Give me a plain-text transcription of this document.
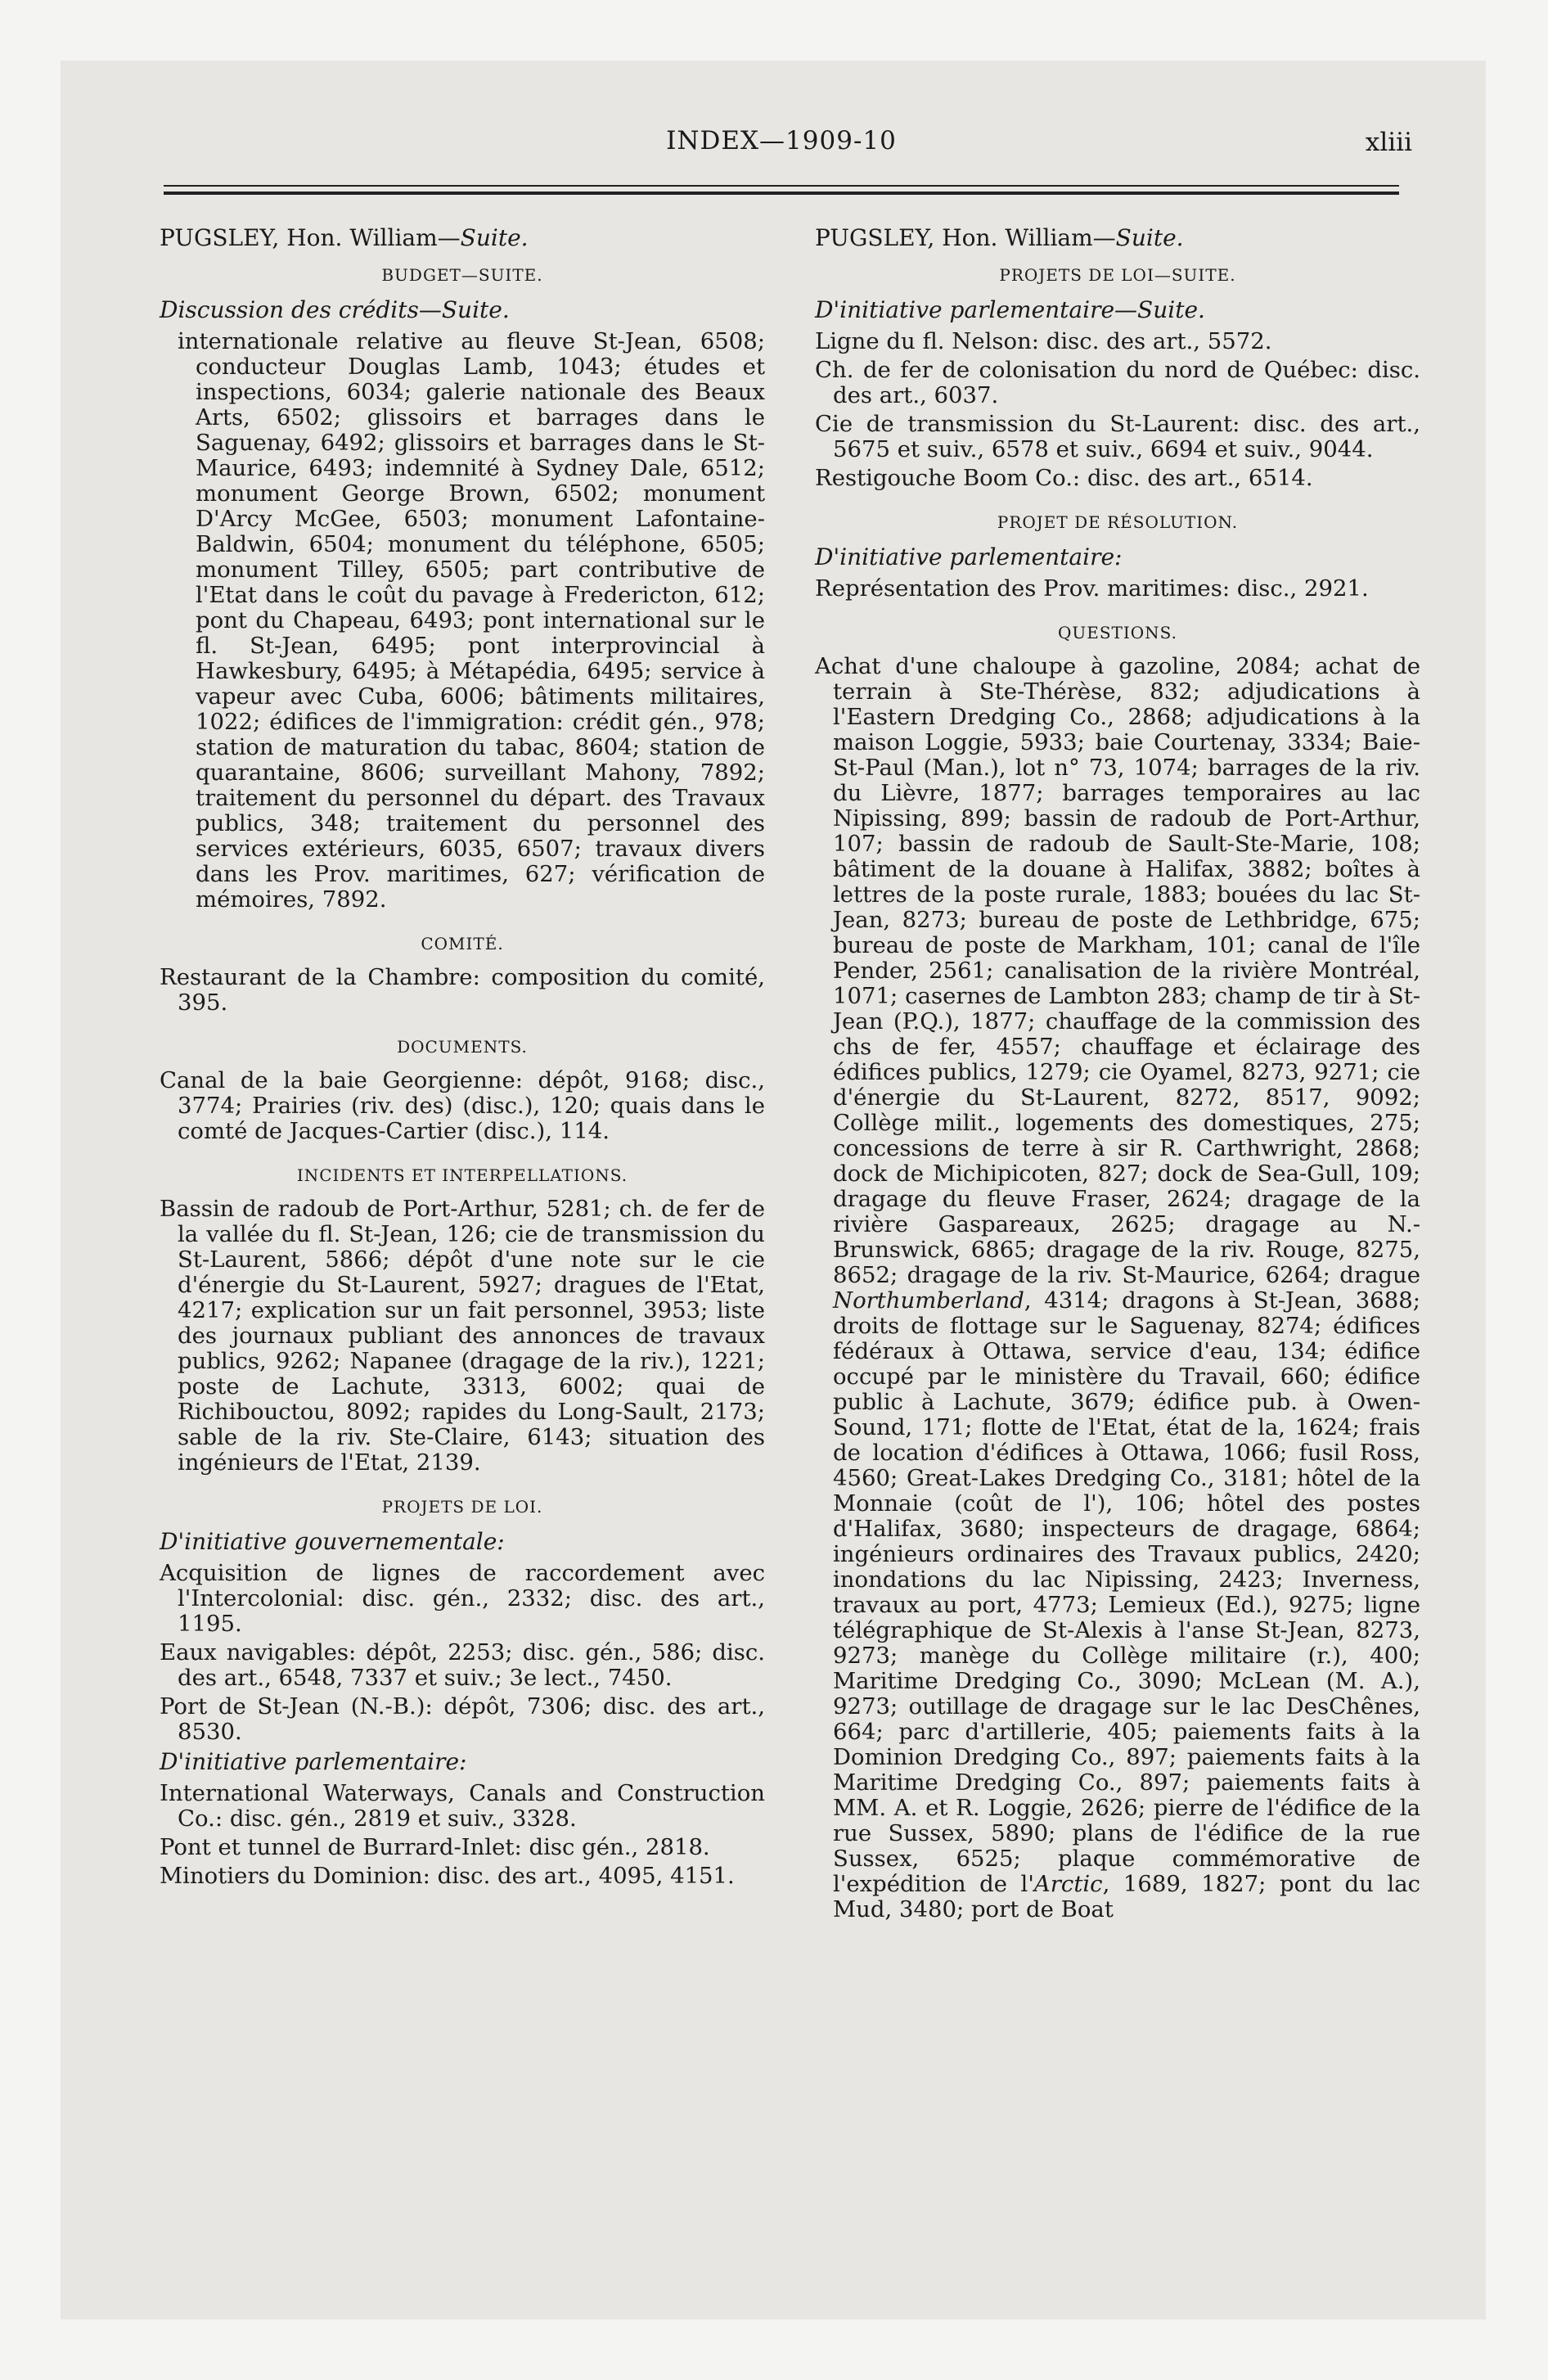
INDEX—1909-10	xliii
PUGSLEY, Hon. William—Suite.
BUDGET—SUITE.
Discussion des crédits—Suite.
internationale relative au fleuve St-Jean, 6508; conducteur Douglas Lamb, 1043; études et inspections, 6034; galerie nationale des Beaux Arts, 6502; glissoirs et barrages dans le Saguenay, 6492; glissoirs et barrages dans le St-Maurice, 6493; indemnité à Sydney Dale, 6512; monument George Brown, 6502; monument D'Arcy McGee, 6503; monument Lafontaine-Baldwin, 6504; monument du téléphone, 6505; monument Tilley, 6505; part contributive de l'Etat dans le coût du pavage à Fredericton, 612; pont du Chapeau, 6493; pont international sur le fl. St-Jean, 6495; pont interprovincial à Hawkesbury, 6495; à Métapédia, 6495; service à vapeur avec Cuba, 6006; bâtiments militaires, 1022; édifices de l'immigration: crédit gén., 978; station de maturation du tabac, 8604; station de quarantaine, 8606; surveillant Mahony, 7892; traitement du personnel du départ. des Travaux publics, 348; traitement du personnel des services extérieurs, 6035, 6507; travaux divers dans les Prov. maritimes, 627; vérification de mémoires, 7892.
COMITÉ.
Restaurant de la Chambre: composition du comité, 395.
DOCUMENTS.
Canal de la baie Georgienne: dépôt, 9168; disc., 3774; Prairies (riv. des) (disc.), 120; quais dans le comté de Jacques-Cartier (disc.), 114.
INCIDENTS ET INTERPELLATIONS.
Bassin de radoub de Port-Arthur, 5281; ch. de fer de la vallée du fl. St-Jean, 126; cie de transmission du St-Laurent, 5866; dépôt d'une note sur le cie d'énergie du St-Laurent, 5927; dragues de l'Etat, 4217; explication sur un fait personnel, 3953; liste des journaux publiant des annonces de travaux publics, 9262; Napanee (dragage de la riv.), 1221; poste de Lachute, 3313, 6002; quai de Richibouctou, 8092; rapides du Long-Sault, 2173; sable de la riv. Ste-Claire, 6143; situation des ingénieurs de l'Etat, 2139.
PROJETS DE LOI.
D'initiative gouvernementale:
Acquisition de lignes de raccordement avec l'Intercolonial: disc. gén., 2332; disc. des art., 1195.
Eaux navigables: dépôt, 2253; disc. gén., 586; disc. des art., 6548, 7337 et suiv.; 3e lect., 7450.
Port de St-Jean (N.-B.): dépôt, 7306; disc. des art., 8530.
D'initiative parlementaire:
International Waterways, Canals and Construction Co.: disc. gén., 2819 et suiv., 3328.
Pont et tunnel de Burrard-Inlet: disc gén., 2818.
Minotiers du Dominion: disc. des art., 4095, 4151.
PUGSLEY, Hon. William—Suite.
PROJETS DE LOI—SUITE.
D'initiative parlementaire—Suite.
Ligne du fl. Nelson: disc. des art., 5572.
Ch. de fer de colonisation du nord de Québec: disc. des art., 6037.
Cie de transmission du St-Laurent: disc. des art., 5675 et suiv., 6578 et suiv., 6694 et suiv., 9044.
Restigouche Boom Co.: disc. des art., 6514.
PROJET DE RÉSOLUTION.
D'initiative parlementaire:
Représentation des Prov. maritimes: disc., 2921.
QUESTIONS.
Achat d'une chaloupe à gazoline, 2084; achat de terrain à Ste-Thérèse, 832; adjudications à l'Eastern Dredging Co., 2868; adjudications à la maison Loggie, 5933; baie Courtenay, 3334; Baie-St-Paul (Man.), lot n° 73, 1074; barrages de la riv. du Lièvre, 1877; barrages temporaires au lac Nipissing, 899; bassin de radoub de Port-Arthur, 107; bassin de radoub de Sault-Ste-Marie, 108; bâtiment de la douane à Halifax, 3882; boîtes à lettres de la poste rurale, 1883; bouées du lac St-Jean, 8273; bureau de poste de Lethbridge, 675; bureau de poste de Markham, 101; canal de l'île Pender, 2561; canalisation de la rivière Montréal, 1071; casernes de Lambton 283; champ de tir à St-Jean (P.Q.), 1877; chauffage de la commission des chs de fer, 4557; chauffage et éclairage des édifices publics, 1279; cie Oyamel, 8273, 9271; cie d'énergie du St-Laurent, 8272, 8517, 9092; Collège milit., logements des domestiques, 275; concessions de terre à sir R. Carthwright, 2868; dock de Michipicoten, 827; dock de Sea-Gull, 109; dragage du fleuve Fraser, 2624; dragage de la rivière Gaspareaux, 2625; dragage au N.-Brunswick, 6865; dragage de la riv. Rouge, 8275, 8652; dragage de la riv. St-Maurice, 6264; drague Northumberland, 4314; dragons à St-Jean, 3688; droits de flottage sur le Saguenay, 8274; édifices fédéraux à Ottawa, service d'eau, 134; édifice occupé par le ministère du Travail, 660; édifice public à Lachute, 3679; édifice pub. à Owen-Sound, 171; flotte de l'Etat, état de la, 1624; frais de location d'édifices à Ottawa, 1066; fusil Ross, 4560; Great-Lakes Dredging Co., 3181; hôtel de la Monnaie (coût de l'), 106; hôtel des postes d'Halifax, 3680; inspecteurs de dragage, 6864; ingénieurs ordinaires des Travaux publics, 2420; inondations du lac Nipissing, 2423; Inverness, travaux au port, 4773; Lemieux (Ed.), 9275; ligne télégraphique de St-Alexis à l'anse St-Jean, 8273, 9273; manège du Collège militaire (r.), 400; Maritime Dredging Co., 3090; McLean (M. A.), 9273; outillage de dragage sur le lac DesChênes, 664; parc d'artillerie, 405; paiements faits à la Dominion Dredging Co., 897; paiements faits à la Maritime Dredging Co., 897; paiements faits à MM. A. et R. Loggie, 2626; pierre de l'édifice de la rue Sussex, 5890; plans de l'édifice de la rue Sussex, 6525; plaque commémorative de l'expédition de l'Arctic, 1689, 1827; pont du lac Mud, 3480; port de Boat
